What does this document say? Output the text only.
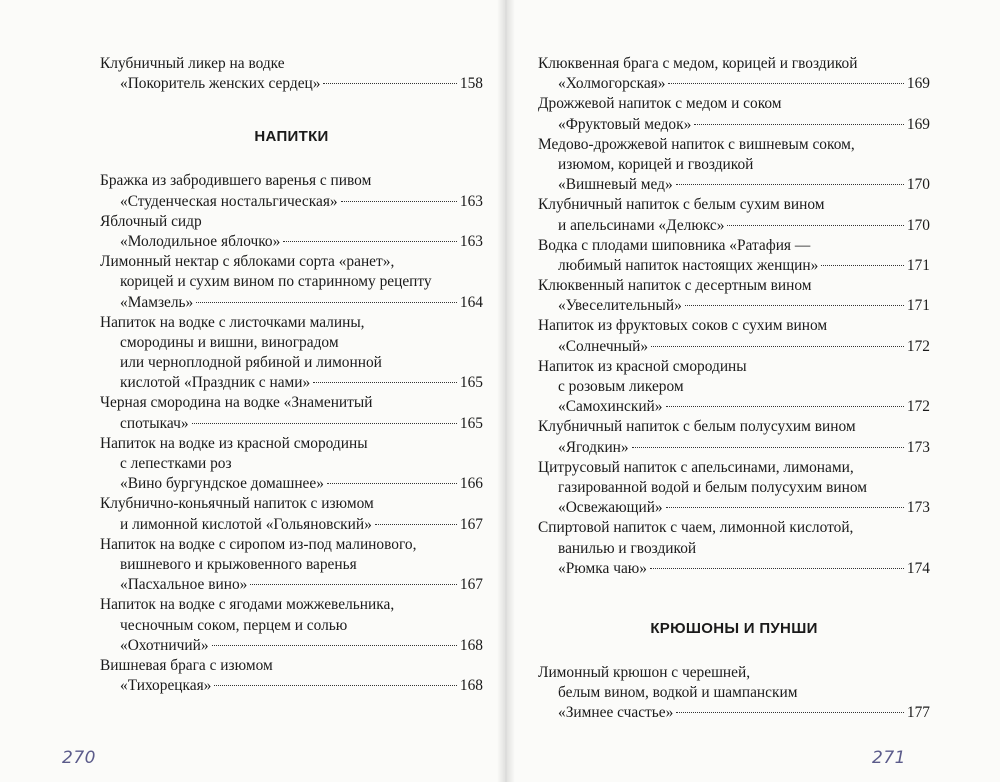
Клубничный ликер на водке
«Покоритель женских сердец»	158
НАПИТКИ
Бражка из забродившего варенья с пивом
«Студенческая ностальгическая»	163
Яблочный сидр
«Молодильное яблочко»	163
Лимонный нектар с яблоками сорта «ранет»,
корицей и сухим вином по старинному рецепту
«Мамзель»	164
Напиток на водке с листочками малины,
смородины и вишни, виноградом
или черноплодной рябиной и лимонной
кислотой «Праздник с нами»	165
Черная смородина на водке «Знаменитый
спотыкач»	165
Напиток на водке из красной смородины
с лепестками роз
«Вино бургундское домашнее»	166
Клубнично-коньячный напиток с изюмом
и лимонной кислотой «Гольяновский»	167
Напиток на водке с сиропом из-под малинового,
вишневого и крыжовенного варенья
«Пасхальное вино»	167
Напиток на водке с ягодами можжевельника,
чесночным соком, перцем и солью
«Охотничий»	168
Вишневая брага с изюмом
«Тихорецкая»	168
Клюквенная брага с медом, корицей и гвоздикой
«Холмогорская»	169
Дрожжевой напиток с медом и соком
«Фруктовый медок»	169
Медово-дрожжевой напиток с вишневым соком,
изюмом, корицей и гвоздикой
«Вишневый мед»	170
Клубничный напиток с белым сухим вином
и апельсинами «Делюкс»	170
Водка с плодами шиповника «Ратафия —
любимый напиток настоящих женщин»	171
Клюквенный напиток с десертным вином
«Увеселительный»	171
Напиток из фруктовых соков с сухим вином
«Солнечный»	172
Напиток из красной смородины
с розовым ликером
«Самохинский»	172
Клубничный напиток с белым полусухим вином
«Ягодкин»	173
Цитрусовый напиток с апельсинами, лимонами,
газированной водой и белым полусухим вином
«Освежающий»	173
Спиртовой напиток с чаем, лимонной кислотой,
ванилью и гвоздикой
«Рюмка чаю»	174
КРЮШОНЫ И ПУНШИ
Лимонный крюшон с черешней,
белым вином, водкой и шампанским
«Зимнее счастье»	177
270	271
